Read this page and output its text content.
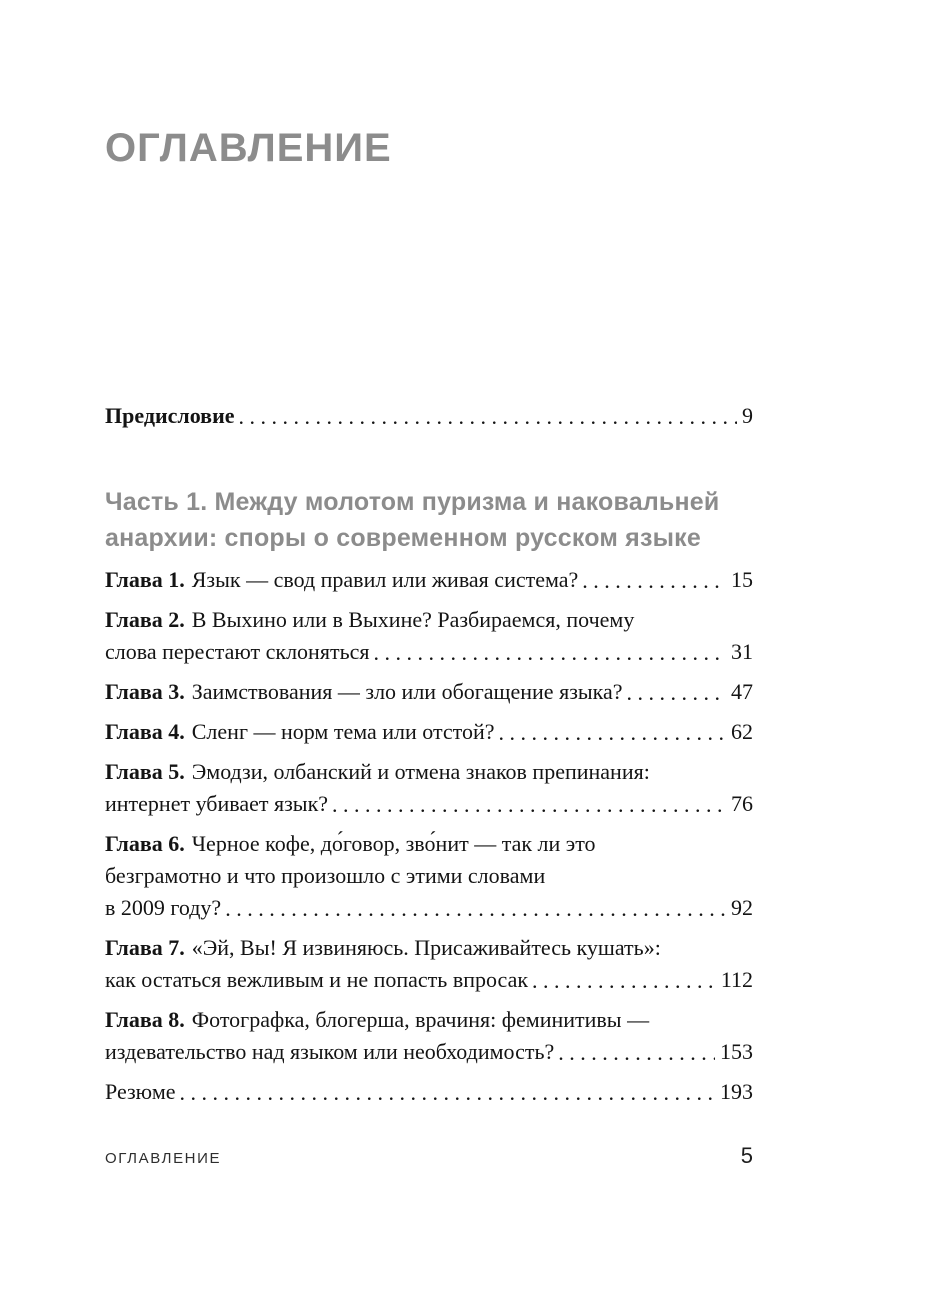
ОГЛАВЛЕНИЕ
Предисловие .....	9
Часть 1. Между молотом пуризма и наковальней
анархии: споры о современном русском языке
Глава 1. Язык — свод правил или живая система? .....	15
Глава 2. В Выхино или в Выхине? Разбираемся, почему
слова перестают склоняться .....	31
Глава 3. Заимствования — зло или обогащение языка? .....	47
Глава 4. Сленг — норм тема или отстой? .....	62
Глава 5. Эмодзи, олбанский и отмена знаков препинания:
интернет убивает язык? .....	76
Глава 6. Черное кофе, до́говор, зво́нит — так ли это
безграмотно и что произошло с этими словами
в 2009 году? .....	92
Глава 7. «Эй, Вы! Я извиняюсь. Присаживайтесь кушать»:
как остаться вежливым и не попасть впросак .....	112
Глава 8. Фотографка, блогерша, врачиня: феминитивы —
издевательство над языком или необходимость? .....	153
Резюме .....	193
ОГЛАВЛЕНИЕ	5
